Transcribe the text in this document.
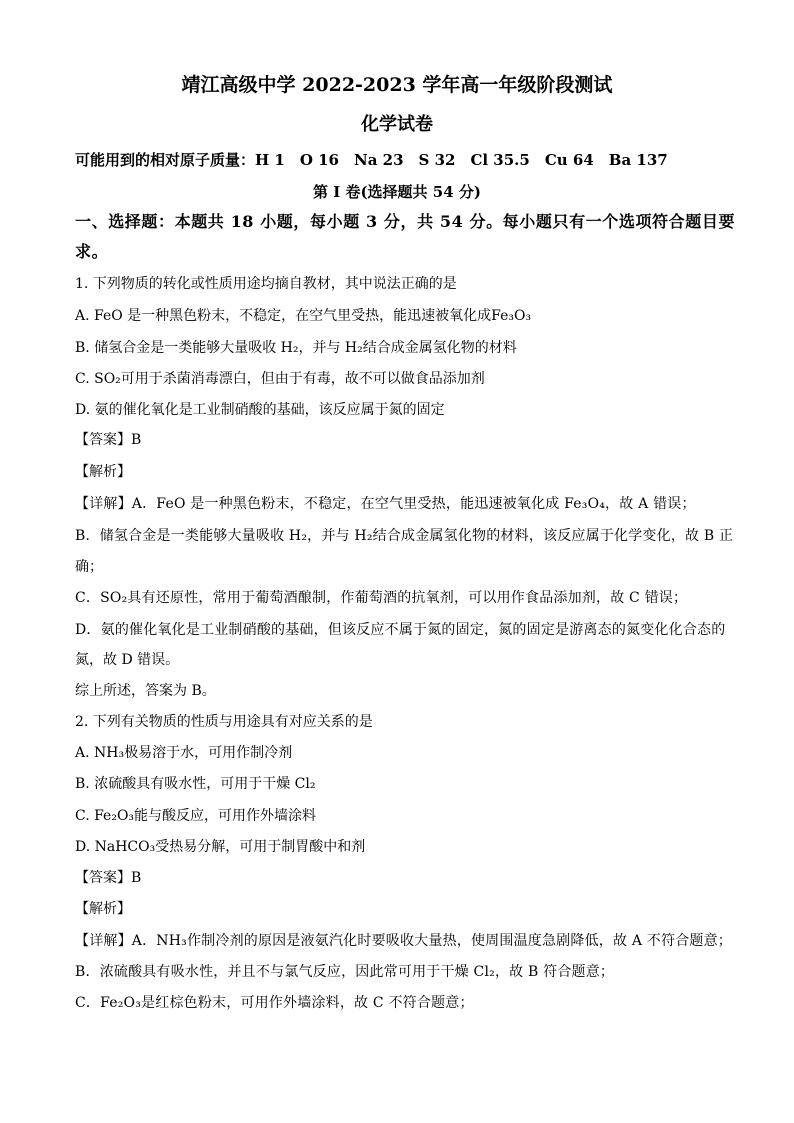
靖江高级中学 2022-2023 学年高一年级阶段测试
化学试卷
可能用到的相对原子质量：H 1　O 16　Na 23　S 32　Cl 35.5　Cu 64　Ba 137
第 I 卷(选择题共 54 分)
一、选择题：本题共 18 小题，每小题 3 分，共 54 分。每小题只有一个选项符合题目要
求。
1. 下列物质的转化或性质用途均摘自教材，其中说法正确的是
A. FeO 是一种黑色粉末，不稳定，在空气里受热，能迅速被氧化成Fe₃O₃
B. 储氢合金是一类能够大量吸收 H₂，并与 H₂结合成金属氢化物的材料
C. SO₂可用于杀菌消毒漂白，但由于有毒，故不可以做食品添加剂
D. 氨的催化氧化是工业制硝酸的基础，该反应属于氮的固定
【答案】B
【解析】
【详解】A．FeO 是一种黑色粉末，不稳定，在空气里受热，能迅速被氧化成 Fe₃O₄，故 A 错误；
B．储氢合金是一类能够大量吸收 H₂，并与 H₂结合成金属氢化物的材料，该反应属于化学变化，故 B 正
确；
C．SO₂具有还原性，常用于葡萄酒酿制，作葡萄酒的抗氧剂，可以用作食品添加剂，故 C 错误；
D．氨的催化氧化是工业制硝酸的基础，但该反应不属于氮的固定，氮的固定是游离态的氮变化化合态的
氮，故 D 错误。
综上所述，答案为 B。
2. 下列有关物质的性质与用途具有对应关系的是
A. NH₃极易溶于水，可用作制冷剂
B. 浓硫酸具有吸水性，可用于干燥 Cl₂
C. Fe₂O₃能与酸反应，可用作外墙涂料
D. NaHCO₃受热易分解，可用于制胃酸中和剂
【答案】B
【解析】
【详解】A．NH₃作制冷剂的原因是液氨汽化时要吸收大量热，使周围温度急剧降低，故 A 不符合题意；
B．浓硫酸具有吸水性，并且不与氯气反应，因此常可用于干燥 Cl₂，故 B 符合题意；
C．Fe₂O₃是红棕色粉末，可用作外墙涂料，故 C 不符合题意；
